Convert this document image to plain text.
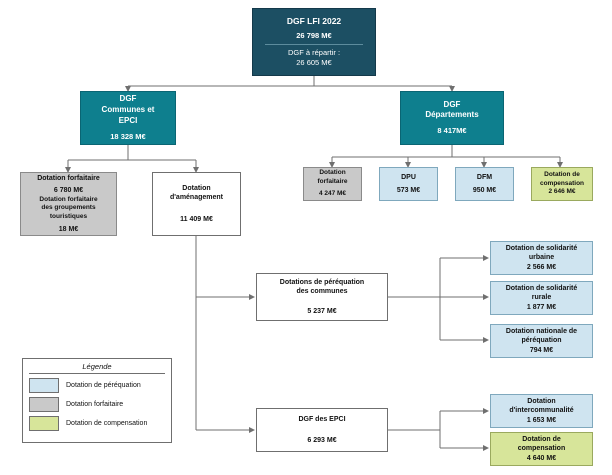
DGF LFI 2022
26 798 M€
DGF à répartir :
26 605 M€
DGF
Communes et
EPCI
18 328 M€
DGF
Départements
8 417M€
Dotation forfaitaire
6 780 M€
Dotation forfaitaire
des groupements
touristiques
18 M€
Dotation
d'aménagement
11 409 M€
Dotation
forfaitaire
4 247 M€
DPU
573 M€
DFM
950 M€
Dotation de
compensation
2 646 M€
Dotations de péréquation
des communes
5 237 M€
Dotation de solidarité
urbaine
2 566 M€
Dotation de solidarité
rurale
1 877 M€
Dotation nationale de
péréquation
794 M€
DGF des EPCI
6 293 M€
Dotation
d'intercommunalité
1 653 M€
Dotation de
compensation
4 640 M€
Légende
Dotation de péréquation
Dotation forfaitaire
Dotation de compensation
